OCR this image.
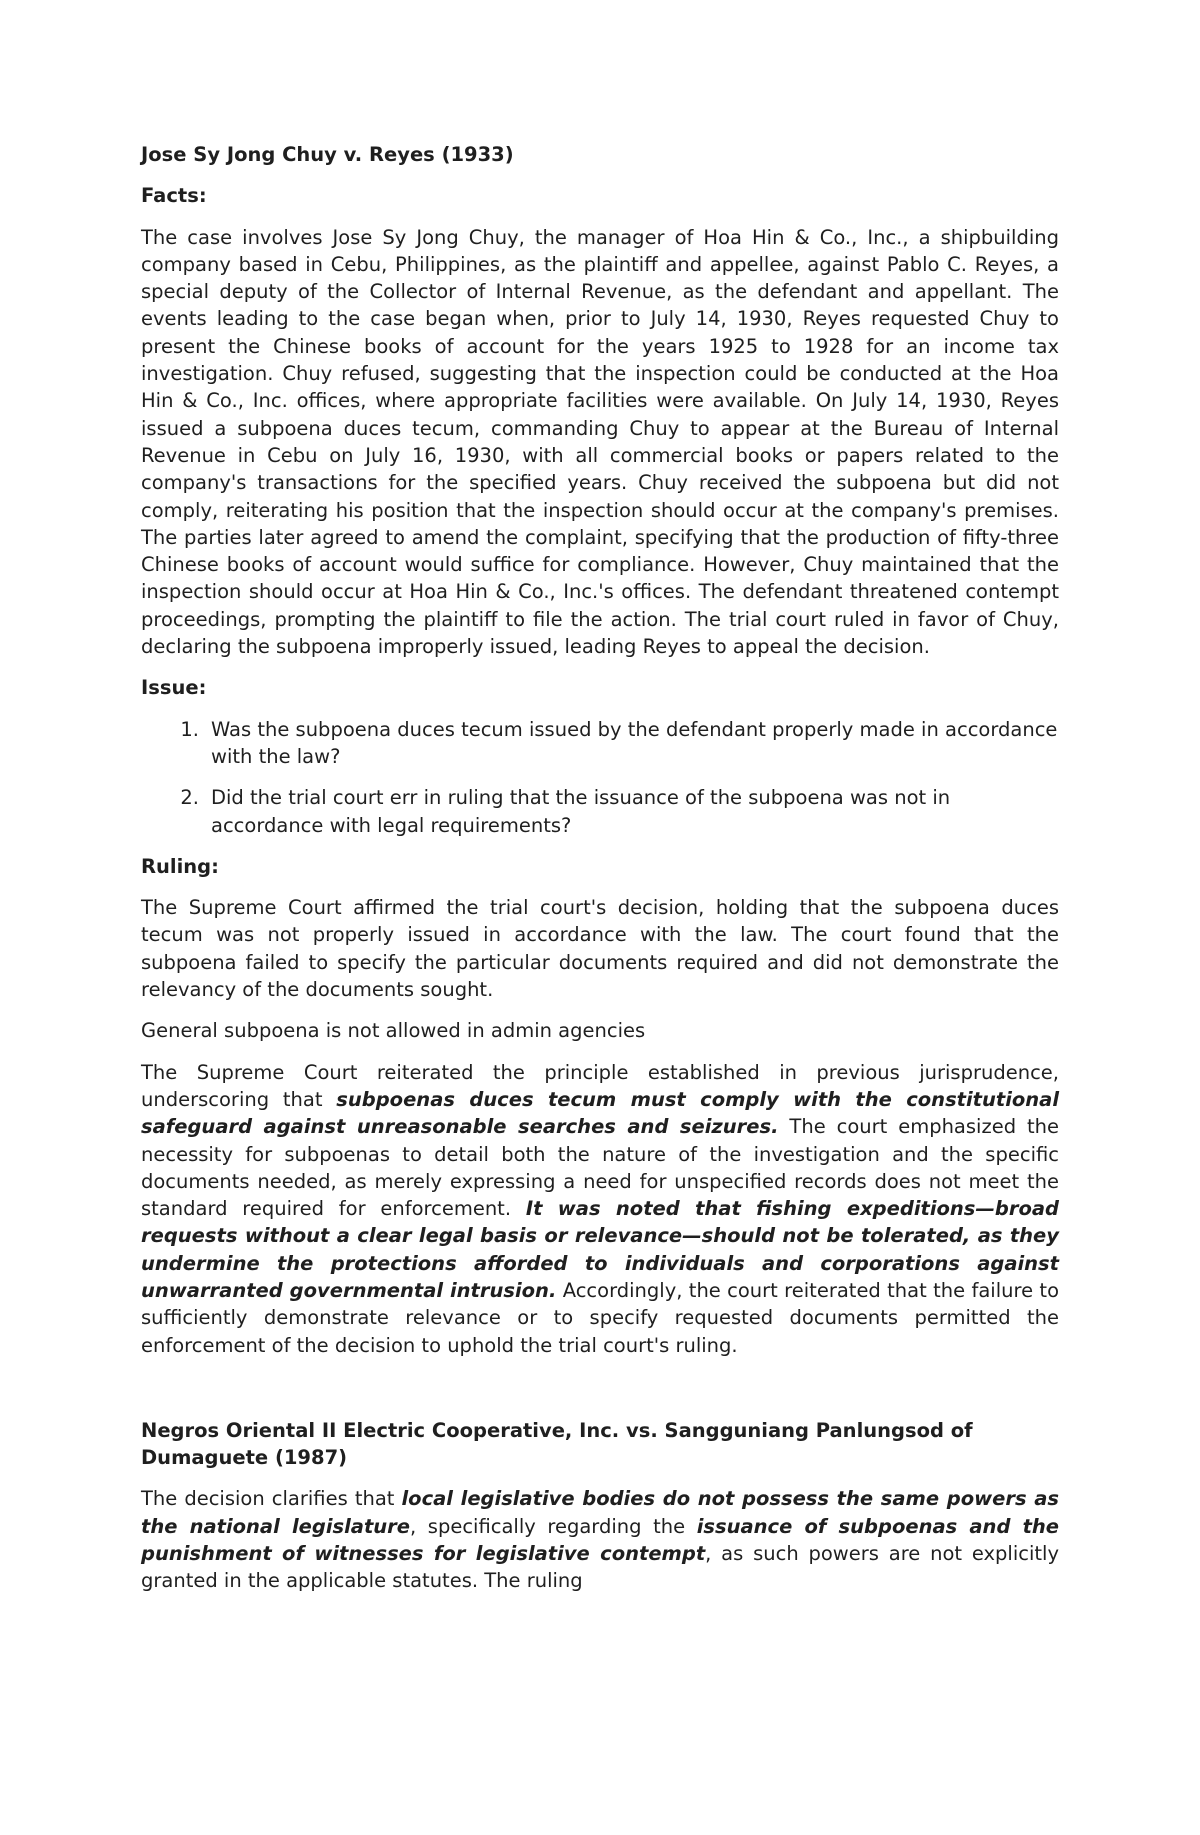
Jose Sy Jong Chuy v. Reyes (1933)
Facts:

The case involves Jose Sy Jong Chuy, the manager of Hoa Hin & Co., Inc., a shipbuilding company based in Cebu, Philippines, as the plaintiff and appellee, against Pablo C. Reyes, a special deputy of the Collector of Internal Revenue, as the defendant and appellant. The events leading to the case began when, prior to July 14, 1930, Reyes requested Chuy to present the Chinese books of account for the years 1925 to 1928 for an income tax investigation. Chuy refused, suggesting that the inspection could be conducted at the Hoa Hin & Co., Inc. offices, where appropriate facilities were available. On July 14, 1930, Reyes issued a subpoena duces tecum, commanding Chuy to appear at the Bureau of Internal Revenue in Cebu on July 16, 1930, with all commercial books or papers related to the company's transactions for the specified years. Chuy received the subpoena but did not comply, reiterating his position that the inspection should occur at the company's premises. The parties later agreed to amend the complaint, specifying that the production of fifty-three Chinese books of account would suffice for compliance. However, Chuy maintained that the inspection should occur at Hoa Hin & Co., Inc.'s offices. The defendant threatened contempt proceedings, prompting the plaintiff to file the action. The trial court ruled in favor of Chuy, declaring the subpoena improperly issued, leading Reyes to appeal the decision.

Issue:
1. Was the subpoena duces tecum issued by the defendant properly made in accordance with the law?
2. Did the trial court err in ruling that the issuance of the subpoena was not in accordance with legal requirements?
Ruling:

The Supreme Court affirmed the trial court's decision, holding that the subpoena duces tecum was not properly issued in accordance with the law. The court found that the subpoena failed to specify the particular documents required and did not demonstrate the relevancy of the documents sought.

General subpoena is not allowed in admin agencies

The Supreme Court reiterated the principle established in previous jurisprudence, underscoring that subpoenas duces tecum must comply with the constitutional safeguard against unreasonable searches and seizures. The court emphasized the necessity for subpoenas to detail both the nature of the investigation and the specific documents needed, as merely expressing a need for unspecified records does not meet the standard required for enforcement. It was noted that fishing expeditions—broad requests without a clear legal basis or relevance—should not be tolerated, as they undermine the protections afforded to individuals and corporations against unwarranted governmental intrusion. Accordingly, the court reiterated that the failure to sufficiently demonstrate relevance or to specify requested documents permitted the enforcement of the decision to uphold the trial court's ruling.

Negros Oriental II Electric Cooperative, Inc. vs. Sangguniang Panlungsod of Dumaguete (1987)

The decision clarifies that local legislative bodies do not possess the same powers as the national legislature, specifically regarding the issuance of subpoenas and the punishment of witnesses for legislative contempt, as such powers are not explicitly granted in the applicable statutes. The ruling
